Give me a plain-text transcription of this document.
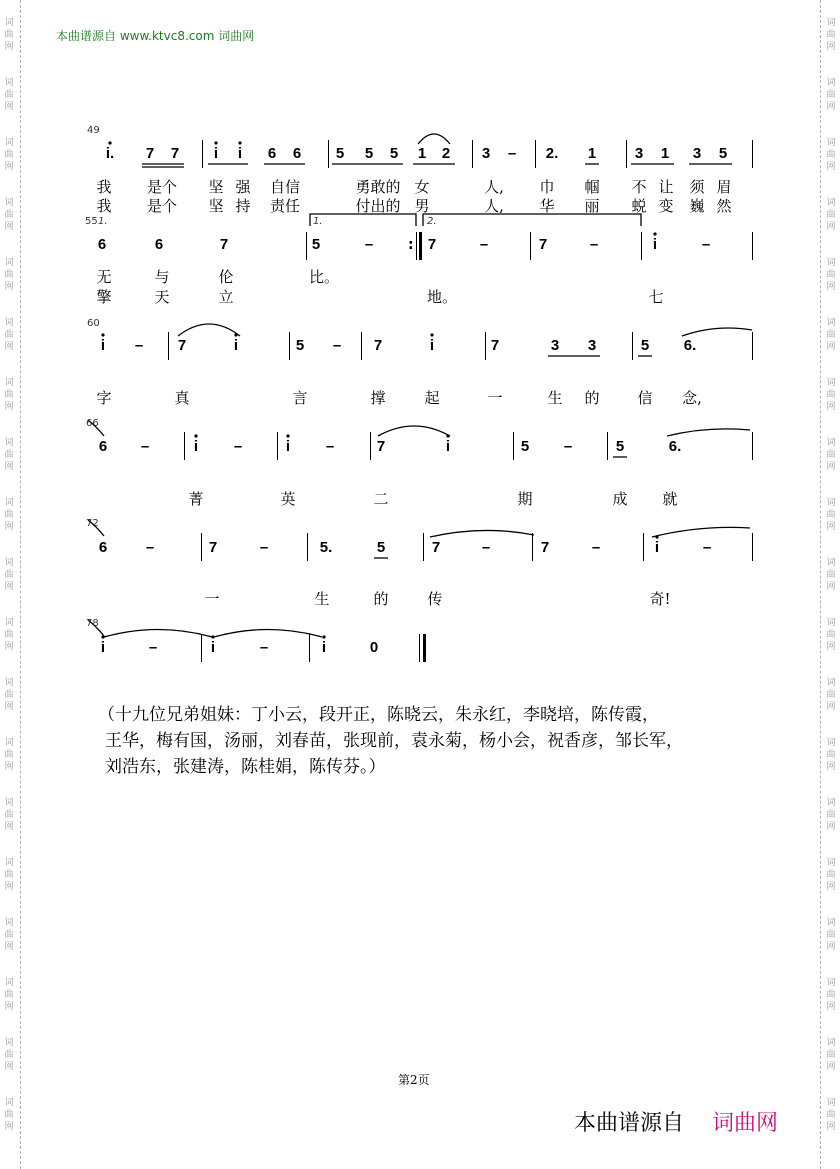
词
曲
网
词
曲
网
词
曲
网
词
曲
网
词
曲
网
词
曲
网
词
曲
网
词
曲
网
词
曲
网
词
曲
网
词
曲
网
词
曲
网
词
曲
网
词
曲
网
词
曲
网
词
曲
网
词
曲
网
词
曲
网
词
曲
网
词
曲
网
词
曲
网
词
曲
网
词
曲
网
词
曲
网
词
曲
网
词
曲
网
词
曲
网
词
曲
网
词
曲
网
词
曲
网
词
曲
网
词
曲
网
词
曲
网
词
曲
网
词
曲
网
词
曲
网
词
曲
网
词
曲
网
本曲谱源自 www.ktvc8.com 词曲网
49
i. 7 7 i i 6 6 5 5 5 1 2 3 – 2. 1	3 1 3 5
我 是个 坚 强 自信	勇敢的 女	人, 巾 帼 不 让 须 眉
我 是个 坚 持 责任	付出的 男	人, 华 丽 蜕 变 巍 然
55 1.	1.	2.
6	6	7	5	–	7	–	7	–	i	–
:
无	与	伦	比。
擎	天	立	地。	七
60
i – 7	i	5 – 7	i	7	3 3	5 6.
字	真	言	撑	起	一	生 的	信 念,
66
6 –	i –	i –	7	i	5 –	5	6.
菁	英	二	期	成 就
72
6	–	7	–	5.	5	7	–	7	–	i	–
一	生	的	传	奇!
78
i	–	i	–	i	0
（十九位兄弟姐妹：丁小云，段开正，陈晓云，朱永红，李晓培，陈传霞，
王华，梅有国，汤丽，刘春苗，张现前，袁永菊，杨小会，祝香彦，邹长军，
刘浩东，张建涛，陈桂娟，陈传芬。）
第2页
本曲谱源自 词曲网
